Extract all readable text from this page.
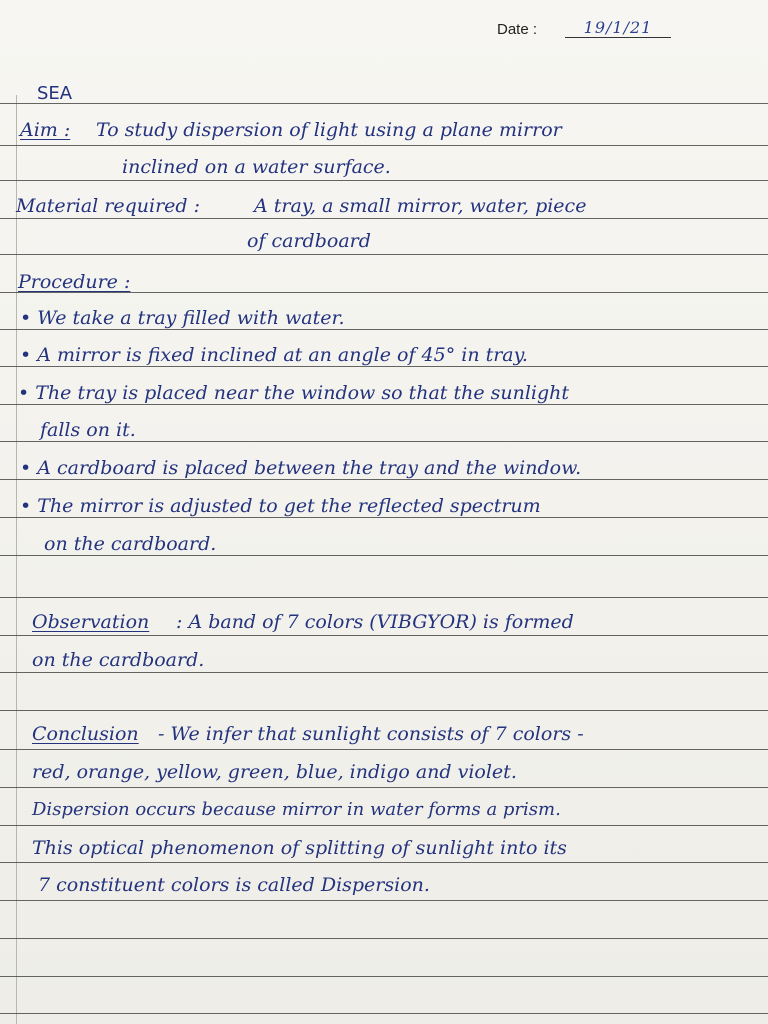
Date :	19/1/21
SEA
Aim : To study dispersion of light using a plane mirror
inclined on a water surface.
Material required :	A tray, a small mirror, water, piece
of cardboard
Procedure :
• We take a tray filled with water.
• A mirror is fixed inclined at an angle of 45° in tray.
• The tray is placed near the window so that the sunlight
falls on it.
• A cardboard is placed between the tray and the window.
• The mirror is adjusted to get the reflected spectrum
on the cardboard.
Observation : A band of 7 colors (VIBGYOR) is formed
on the cardboard.
Conclusion - We infer that sunlight consists of 7 colors -
red, orange, yellow, green, blue, indigo and violet.
Dispersion occurs because mirror in water forms a prism.
This optical phenomenon of splitting of sunlight into its
7 constituent colors is called Dispersion.
